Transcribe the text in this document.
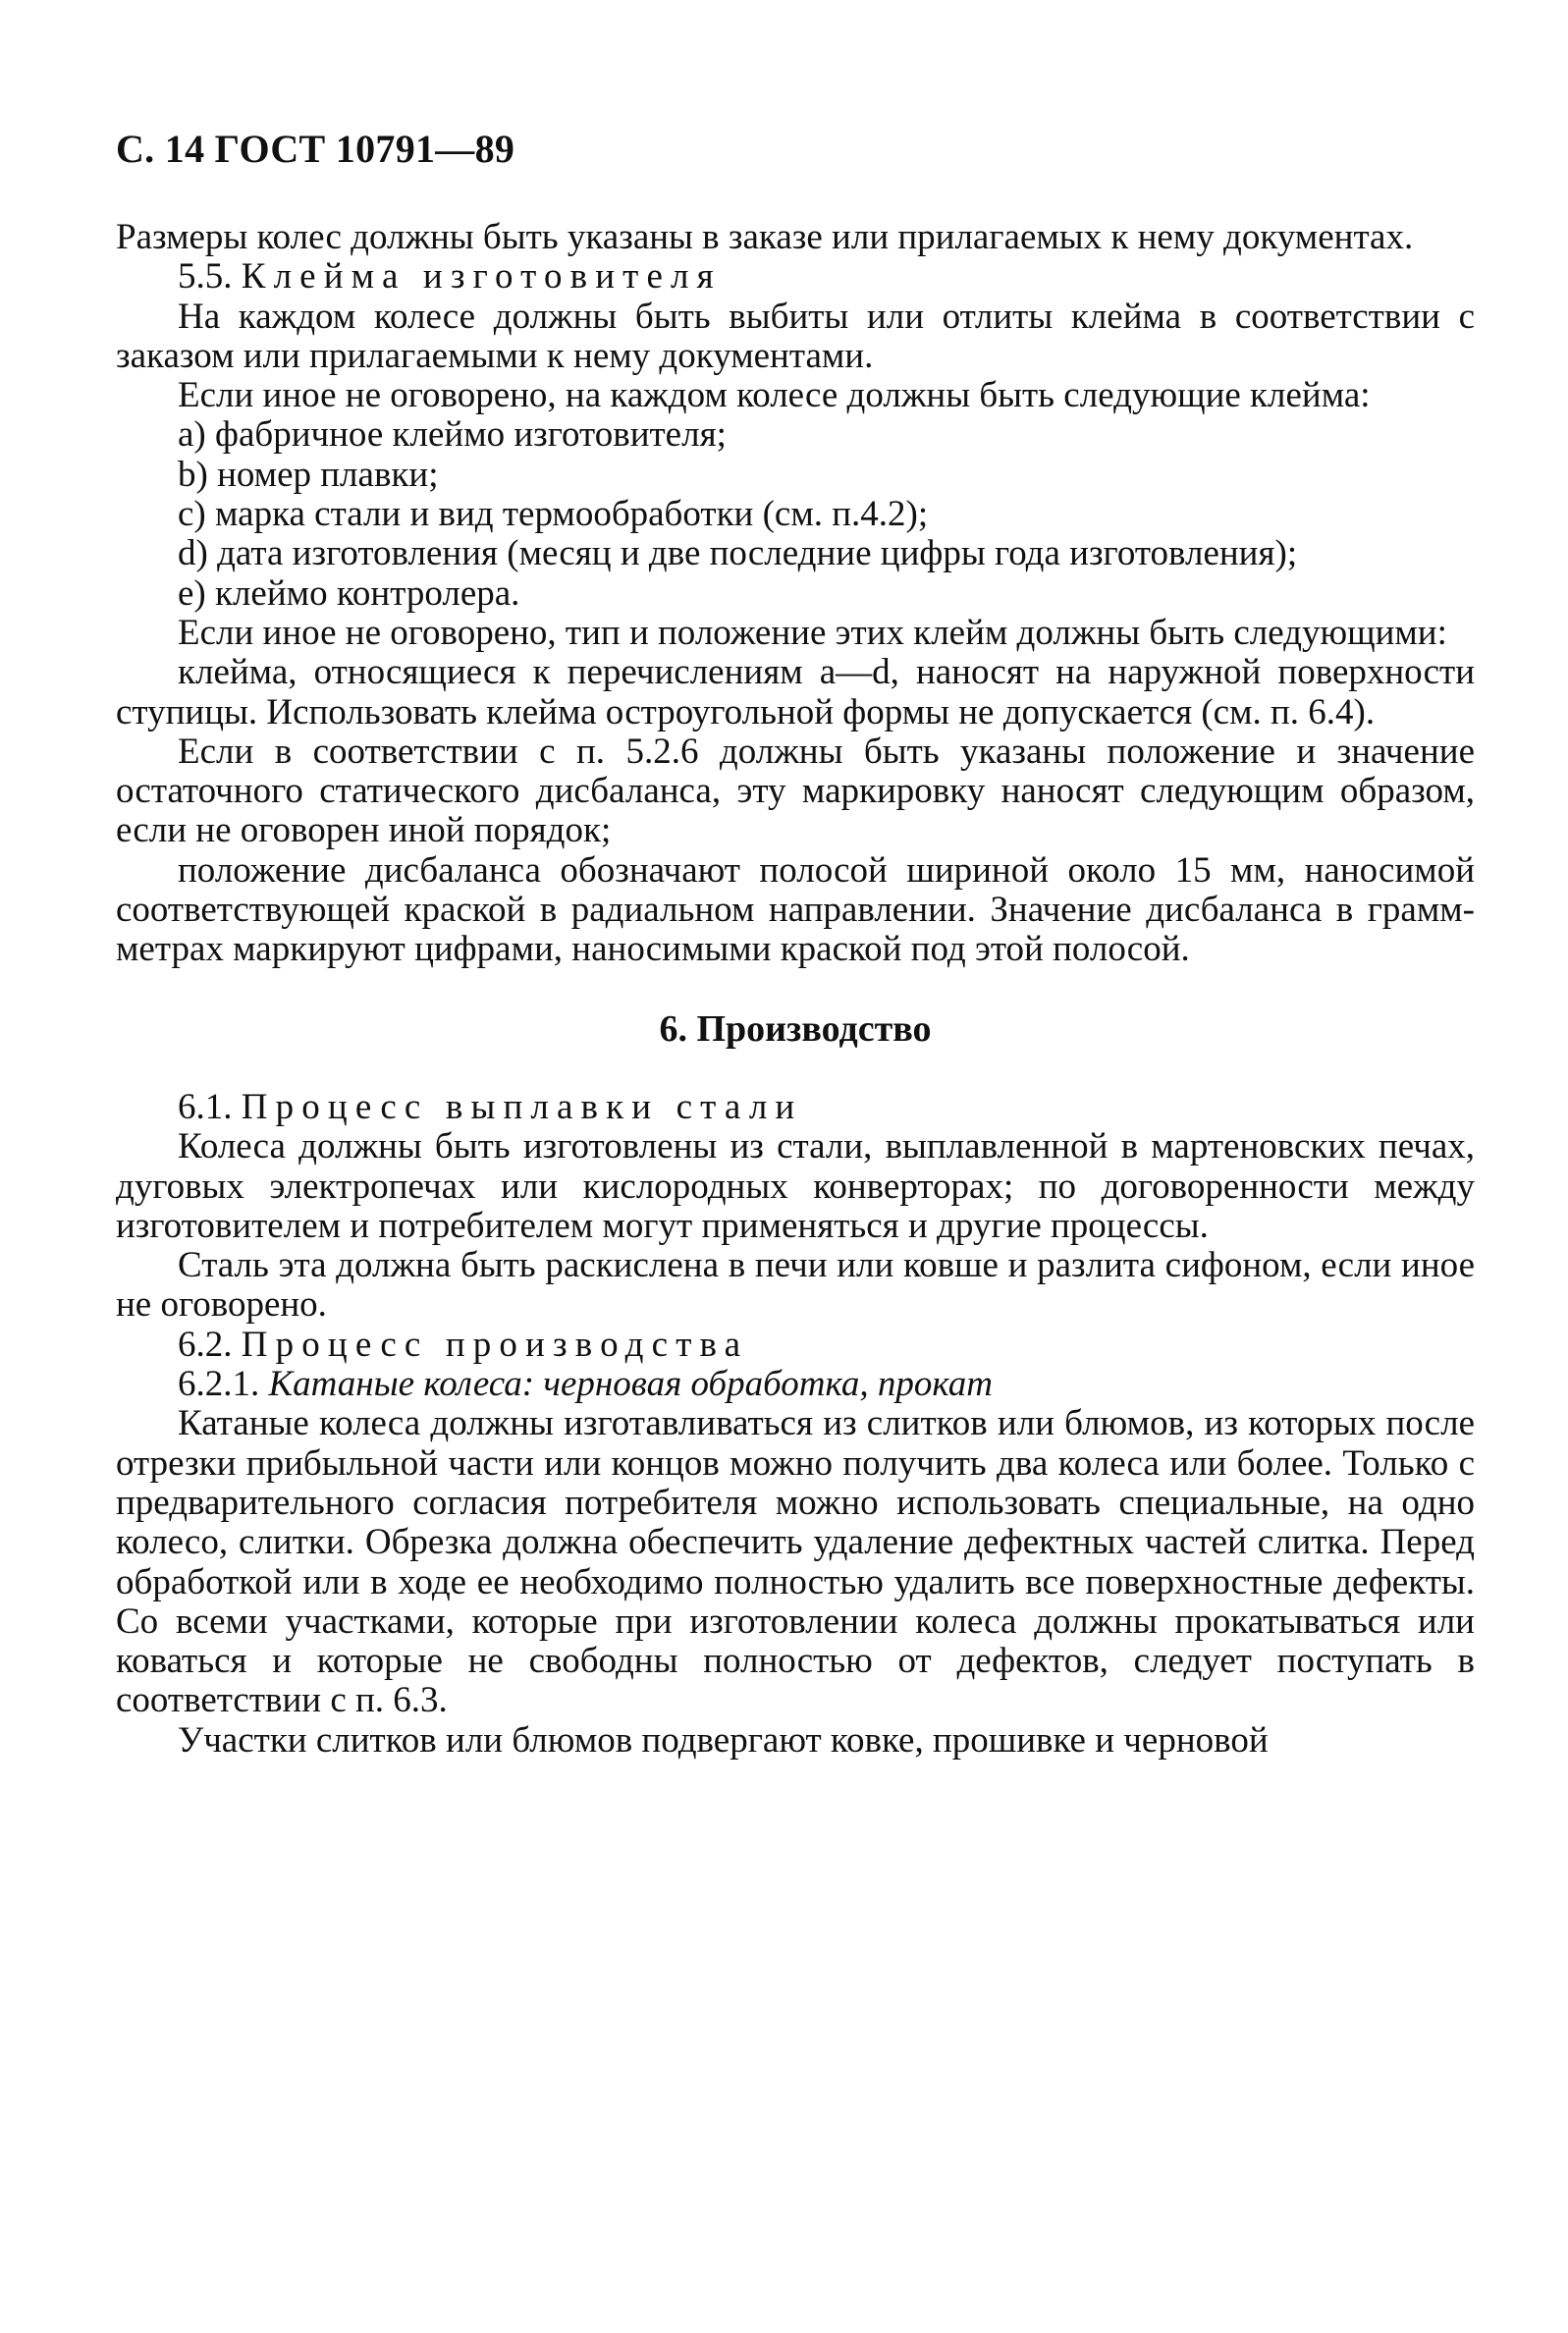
С. 14 ГОСТ 10791—89

Размеры колес должны быть указаны в заказе или прилагаемых к нему документах.

5.5. Клейма изготовителя

На каждом колесе должны быть выбиты или отлиты клейма в соответствии с заказом или прилагаемыми к нему документами.

Если иное не оговорено, на каждом колесе должны быть следующие клейма:

a) фабричное клеймо изготовителя;

b) номер плавки;

c) марка стали и вид термообработки (см. п.4.2);

d) дата изготовления (месяц и две последние цифры года изготовления);

e) клеймо контролера.

Если иное не оговорено, тип и положение этих клейм должны быть следующими:

клейма, относящиеся к перечислениям a—d, наносят на наружной поверхности ступицы. Использовать клейма остроугольной формы не допускается (см. п. 6.4).

Если в соответствии с п. 5.2.6 должны быть указаны положение и значение остаточного статического дисбаланса, эту маркировку наносят следующим образом, если не оговорен иной порядок;

положение дисбаланса обозначают полосой шириной около 15 мм, наносимой соответствующей краской в радиальном направлении. Значение дисбаланса в грамм-метрах маркируют цифрами, наносимыми краской под этой полосой.

6. Производство

6.1. Процесс выплавки стали

Колеса должны быть изготовлены из стали, выплавленной в мартеновских печах, дуговых электропечах или кислородных конверторах; по договоренности между изготовителем и потребителем могут применяться и другие процессы.

Сталь эта должна быть раскислена в печи или ковше и разлита сифоном, если иное не оговорено.

6.2. Процесс производства

6.2.1. Катаные колеса: черновая обработка, прокат

Катаные колеса должны изготавливаться из слитков или блюмов, из которых после отрезки прибыльной части или концов можно получить два колеса или более. Только с предварительного согласия потребителя можно использовать специальные, на одно колесо, слитки. Обрезка должна обеспечить удаление дефектных частей слитка. Перед обработкой или в ходе ее необходимо полностью удалить все поверхностные дефекты. Со всеми участками, которые при изготовлении колеса должны прокатываться или коваться и которые не свободны полностью от дефектов, следует поступать в соответствии с п. 6.3.

Участки слитков или блюмов подвергают ковке, прошивке и черновой
